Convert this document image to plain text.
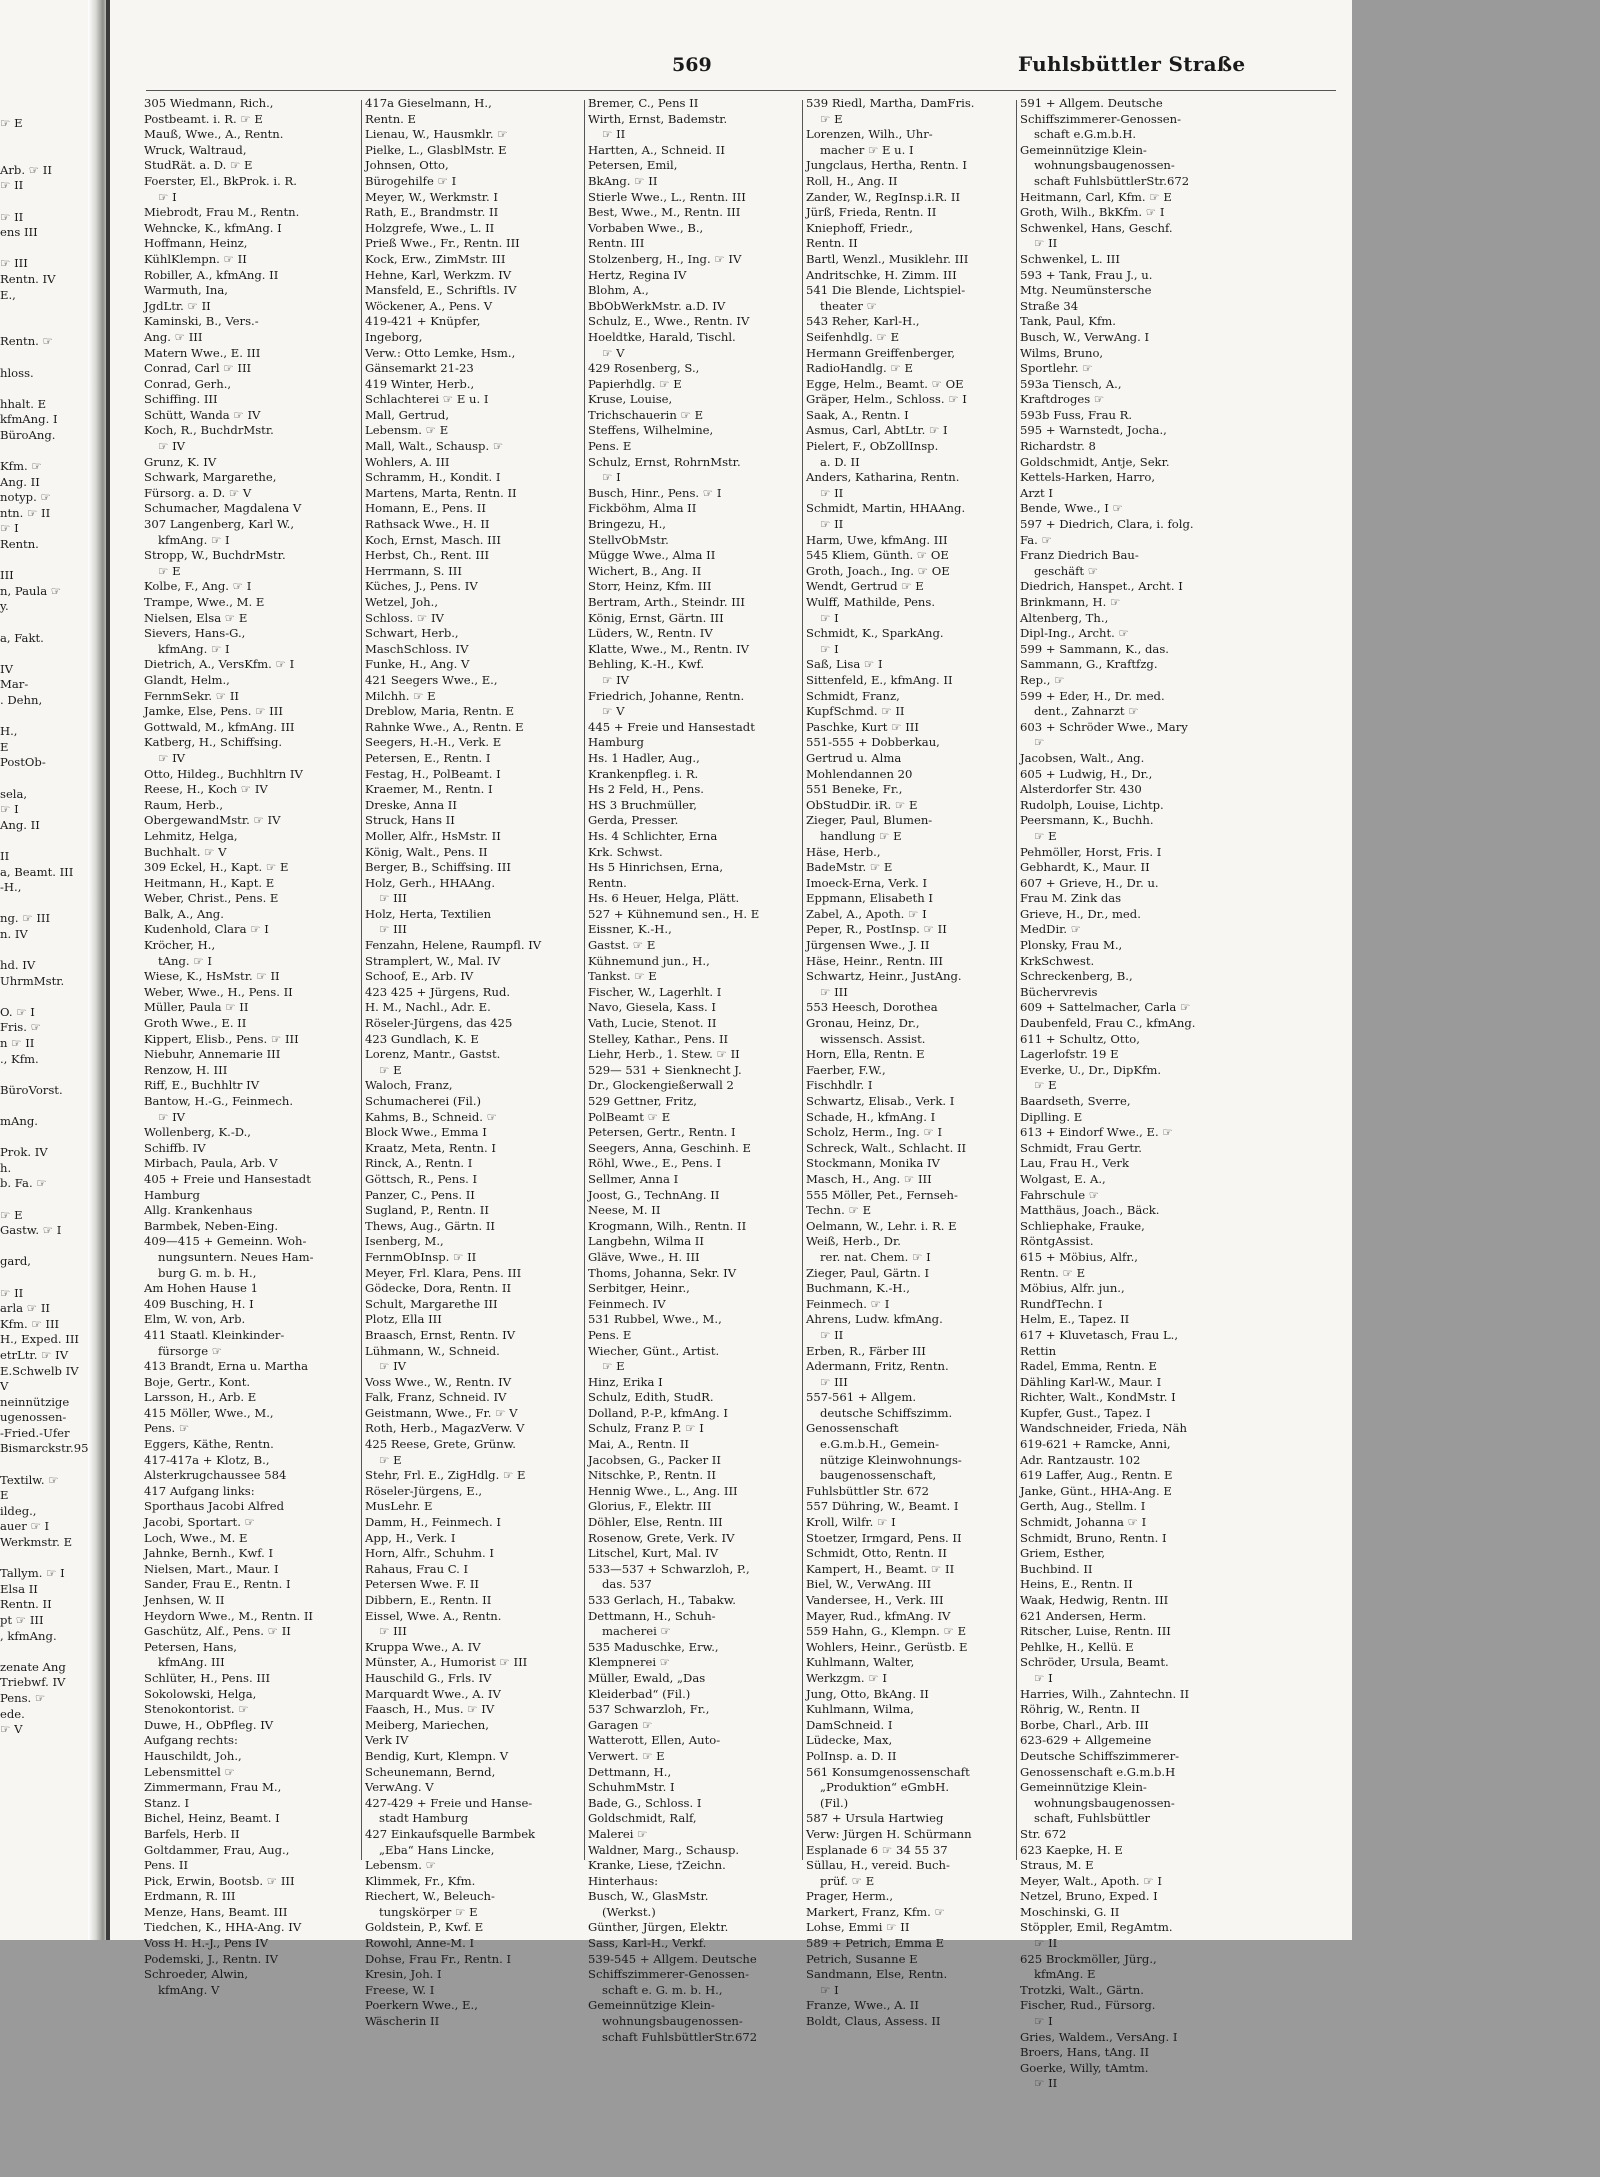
569	Fuhlsbüttler Straße
☞ E
Arb. ☞ II
☞ II
☞ II
ens III
☞ III
Rentn. IV
E.,
Rentn. ☞
hloss.
hhalt. E
kfmAng. I
BüroAng.
Kfm. ☞
Ang. II
notyp. ☞
ntn. ☞ II
☞ I
Rentn.
III
n, Paula ☞
y.
a, Fakt.
IV
Mar-
. Dehn,
H.,
E
PostOb-
sela,
☞ I
Ang. II
II
a, Beamt. III
-H.,
ng. ☞ III
n. IV
hd. IV
UhrmMstr.
O. ☞ I
Fris. ☞
n ☞ II
., Kfm.
BüroVorst.
mAng.
Prok. IV
h.
b. Fa. ☞
☞ E
Gastw. ☞ I
gard,
☞ II
arla ☞ II
Kfm. ☞ III
H., Exped. III
etrLtr. ☞ IV
E.Schwelb IV
V
neinnützige
ugenossen-
-Fried.-Ufer
Bismarckstr.95
Textilw. ☞
E
ildeg.,
auer ☞ I
Werkmstr. E
Tallym. ☞ I
Elsa II
Rentn. II
pt ☞ III
, kfmAng.
zenate Ang
Triebwf. IV
Pens. ☞
ede.
☞ V
305 Wiedmann, Rich.,
Postbeamt. i. R. ☞ E
Mauß, Wwe., A., Rentn.
Wruck, Waltraud,
StudRät. a. D. ☞ E
Foerster, El., BkProk. i. R.
☞ I
Miebrodt, Frau M., Rentn.
Wehncke, K., kfmAng. I
Hoffmann, Heinz,
KühlKlempn. ☞ II
Robiller, A., kfmAng. II
Warmuth, Ina,
JgdLtr. ☞ II
Kaminski, B., Vers.-
Ang. ☞ III
Matern Wwe., E. III
Conrad, Carl ☞ III
Conrad, Gerh.,
Schiffing. III
Schütt, Wanda ☞ IV
Koch, R., BuchdrMstr.
☞ IV
Grunz, K. IV
Schwark, Margarethe,
Fürsorg. a. D. ☞ V
Schumacher, Magdalena V
307 Langenberg, Karl W.,
kfmAng. ☞ I
Stropp, W., BuchdrMstr.
☞ E
Kolbe, F., Ang. ☞ I
Trampe, Wwe., M. E
Nielsen, Elsa ☞ E
Sievers, Hans-G.,
kfmAng. ☞ I
Dietrich, A., VersKfm. ☞ I
Glandt, Helm.,
FernmSekr. ☞ II
Jamke, Else, Pens. ☞ III
Gottwald, M., kfmAng. III
Katberg, H., Schiffsing.
☞ IV
Otto, Hildeg., Buchhltrn IV
Reese, H., Koch ☞ IV
Raum, Herb.,
ObergewandMstr. ☞ IV
Lehmitz, Helga,
Buchhalt. ☞ V
309 Eckel, H., Kapt. ☞ E
Heitmann, H., Kapt. E
Weber, Christ., Pens. E
Balk, A., Ang.
Kudenhold, Clara ☞ I
Kröcher, H.,
tAng. ☞ I
Wiese, K., HsMstr. ☞ II
Weber, Wwe., H., Pens. II
Müller, Paula ☞ II
Groth Wwe., E. II
Kippert, Elisb., Pens. ☞ III
Niebuhr, Annemarie III
Renzow, H. III
Riff, E., Buchhltr IV
Bantow, H.-G., Feinmech.
☞ IV
Wollenberg, K.-D.,
Schiffb. IV
Mirbach, Paula, Arb. V
405 + Freie und Hansestadt
Hamburg
Allg. Krankenhaus
Barmbek, Neben-Eing.
409—415 + Gemeinn. Woh-
nungsuntern. Neues Ham-
burg G. m. b. H.,
Am Hohen Hause 1
409 Busching, H. I
Elm, W. von, Arb.
411 Staatl. Kleinkinder-
fürsorge ☞
413 Brandt, Erna u. Martha
Boje, Gertr., Kont.
Larsson, H., Arb. E
415 Möller, Wwe., M.,
Pens. ☞
Eggers, Käthe, Rentn.
417-417a + Klotz, B.,
Alsterkrugchaussee 584
417 Aufgang links:
Sporthaus Jacobi Alfred
Jacobi, Sportart. ☞
Loch, Wwe., M. E
Jahnke, Bernh., Kwf. I
Nielsen, Mart., Maur. I
Sander, Frau E., Rentn. I
Jenhsen, W. II
Heydorn Wwe., M., Rentn. II
Gaschütz, Alf., Pens. ☞ II
Petersen, Hans,
kfmAng. III
Schlüter, H., Pens. III
Sokolowski, Helga,
Stenokontorist. ☞
Duwe, H., ObPfleg. IV
Aufgang rechts:
Hauschildt, Joh.,
Lebensmittel ☞
Zimmermann, Frau M.,
Stanz. I
Bichel, Heinz, Beamt. I
Barfels, Herb. II
Goltdammer, Frau, Aug.,
Pens. II
Pick, Erwin, Bootsb. ☞ III
Erdmann, R. III
Menze, Hans, Beamt. III
Tiedchen, K., HHA-Ang. IV
Voss H. H.-J., Pens IV
Podemski, J., Rentn. IV
Schroeder, Alwin,
kfmAng. V
417a Gieselmann, H.,
Rentn. E
Lienau, W., Hausmklr. ☞
Pielke, L., GlasblMstr. E
Johnsen, Otto,
Bürogehilfe ☞ I
Meyer, W., Werkmstr. I
Rath, E., Brandmstr. II
Holzgrefe, Wwe., L. II
Prieß Wwe., Fr., Rentn. III
Kock, Erw., ZimMstr. III
Hehne, Karl, Werkzm. IV
Mansfeld, E., Schriftls. IV
Wöckener, A., Pens. V
419-421 + Knüpfer,
Ingeborg,
Verw.: Otto Lemke, Hsm.,
Gänsemarkt 21-23
419 Winter, Herb.,
Schlachterei ☞ E u. I
Mall, Gertrud,
Lebensm. ☞ E
Mall, Walt., Schausp. ☞
Wohlers, A. III
Schramm, H., Kondit. I
Martens, Marta, Rentn. II
Homann, E., Pens. II
Rathsack Wwe., H. II
Koch, Ernst, Masch. III
Herbst, Ch., Rent. III
Herrmann, S. III
Küches, J., Pens. IV
Wetzel, Joh.,
Schloss. ☞ IV
Schwart, Herb.,
MaschSchloss. IV
Funke, H., Ang. V
421 Seegers Wwe., E.,
Milchh. ☞ E
Dreblow, Maria, Rentn. E
Rahnke Wwe., A., Rentn. E
Seegers, H.-H., Verk. E
Petersen, E., Rentn. I
Festag, H., PolBeamt. I
Kraemer, M., Rentn. I
Dreske, Anna II
Struck, Hans II
Moller, Alfr., HsMstr. II
König, Walt., Pens. II
Berger, B., Schiffsing. III
Holz, Gerh., HHAAng.
☞ III
Holz, Herta, Textilien
☞ III
Fenzahn, Helene, Raumpfl. IV
Stramplert, W., Mal. IV
Schoof, E., Arb. IV
423 425 + Jürgens, Rud.
H. M., Nachl., Adr. E.
Röseler-Jürgens, das 425
423 Gundlach, K. E
Lorenz, Mantr., Gastst.
☞ E
Waloch, Franz,
Schumacherei (Fil.)
Kahms, B., Schneid. ☞
Block Wwe., Emma I
Kraatz, Meta, Rentn. I
Rinck, A., Rentn. I
Göttsch, R., Pens. I
Panzer, C., Pens. II
Sugland, P., Rentn. II
Thews, Aug., Gärtn. II
Isenberg, M.,
FernmObInsp. ☞ II
Meyer, Frl. Klara, Pens. III
Gödecke, Dora, Rentn. II
Schult, Margarethe III
Plotz, Ella III
Braasch, Ernst, Rentn. IV
Lühmann, W., Schneid.
☞ IV
Voss Wwe., W., Rentn. IV
Falk, Franz, Schneid. IV
Geistmann, Wwe., Fr. ☞ V
Roth, Herb., MagazVerw. V
425 Reese, Grete, Grünw.
☞ E
Stehr, Frl. E., ZigHdlg. ☞ E
Röseler-Jürgens, E.,
MusLehr. E
Damm, H., Feinmech. I
App, H., Verk. I
Horn, Alfr., Schuhm. I
Rahaus, Frau C. I
Petersen Wwe. F. II
Dibbern, E., Rentn. II
Eissel, Wwe. A., Rentn.
☞ III
Kruppa Wwe., A. IV
Münster, A., Humorist ☞ III
Hauschild G., Frls. IV
Marquardt Wwe., A. IV
Faasch, H., Mus. ☞ IV
Meiberg, Mariechen,
Verk IV
Bendig, Kurt, Klempn. V
Scheunemann, Bernd,
VerwAng. V
427-429 + Freie und Hanse-
stadt Hamburg
427 Einkaufsquelle Barmbek
„Eba“ Hans Lincke,
Lebensm. ☞
Klimmek, Fr., Kfm.
Riechert, W., Beleuch-
tungskörper ☞ E
Goldstein, P., Kwf. E
Rowohl, Anne-M. I
Dohse, Frau Fr., Rentn. I
Kresin, Joh. I
Freese, W. I
Poerkern Wwe., E.,
Wäscherin II
Bremer, C., Pens II
Wirth, Ernst, Bademstr.
☞ II
Hartten, A., Schneid. II
Petersen, Emil,
BkAng. ☞ II
Stierle Wwe., L., Rentn. III
Best, Wwe., M., Rentn. III
Vorbaben Wwe., B.,
Rentn. III
Stolzenberg, H., Ing. ☞ IV
Hertz, Regina IV
Blohm, A.,
BbObWerkMstr. a.D. IV
Schulz, E., Wwe., Rentn. IV
Hoeldtke, Harald, Tischl.
☞ V
429 Rosenberg, S.,
Papierhdlg. ☞ E
Kruse, Louise,
Trichschauerin ☞ E
Steffens, Wilhelmine,
Pens. E
Schulz, Ernst, RohrnMstr.
☞ I
Busch, Hinr., Pens. ☞ I
Fickböhm, Alma II
Bringezu, H.,
StellvObMstr.
Mügge Wwe., Alma II
Wichert, B., Ang. II
Storr, Heinz, Kfm. III
Bertram, Arth., Steindr. III
König, Ernst, Gärtn. III
Lüders, W., Rentn. IV
Klatte, Wwe., M., Rentn. IV
Behling, K.-H., Kwf.
☞ IV
Friedrich, Johanne, Rentn.
☞ V
445 + Freie und Hansestadt
Hamburg
Hs. 1 Hadler, Aug.,
Krankenpfleg. i. R.
Hs 2 Feld, H., Pens.
HS 3 Bruchmüller,
Gerda, Presser.
Hs. 4 Schlichter, Erna
Krk. Schwst.
Hs 5 Hinrichsen, Erna,
Rentn.
Hs. 6 Heuer, Helga, Plätt.
527 + Kühnemund sen., H. E
Eissner, K.-H.,
Gastst. ☞ E
Kühnemund jun., H.,
Tankst. ☞ E
Fischer, W., Lagerhlt. I
Navo, Giesela, Kass. I
Vath, Lucie, Stenot. II
Stelley, Kathar., Pens. II
Liehr, Herb., 1. Stew. ☞ II
529— 531 + Sienknecht J.
Dr., Glockengießerwall 2
529 Gettner, Fritz,
PolBeamt ☞ E
Petersen, Gertr., Rentn. I
Seegers, Anna, Geschinh. E
Röhl, Wwe., E., Pens. I
Sellmer, Anna I
Joost, G., TechnAng. II
Neese, M. II
Krogmann, Wilh., Rentn. II
Langbehn, Wilma II
Gläve, Wwe., H. III
Thoms, Johanna, Sekr. IV
Serbitger, Heinr.,
Feinmech. IV
531 Rubbel, Wwe., M.,
Pens. E
Wiecher, Günt., Artist.
☞ E
Hinz, Erika I
Schulz, Edith, StudR.
Dolland, P.-P., kfmAng. I
Schulz, Franz P. ☞ I
Mai, A., Rentn. II
Jacobsen, G., Packer II
Nitschke, P., Rentn. II
Hennig Wwe., L., Ang. III
Glorius, F., Elektr. III
Döhler, Else, Rentn. III
Rosenow, Grete, Verk. IV
Litschel, Kurt, Mal. IV
533—537 + Schwarzloh, P.,
das. 537
533 Gerlach, H., Tabakw.
Dettmann, H., Schuh-
macherei ☞
535 Maduschke, Erw.,
Klempnerei ☞
Müller, Ewald, „Das
Kleiderbad“ (Fil.)
537 Schwarzloh, Fr.,
Garagen ☞
Watterott, Ellen, Auto-
Verwert. ☞ E
Dettmann, H.,
SchuhmMstr. I
Bade, G., Schloss. I
Goldschmidt, Ralf,
Malerei ☞
Waldner, Marg., Schausp.
Kranke, Liese, †Zeichn.
Hinterhaus:
Busch, W., GlasMstr.
(Werkst.)
Günther, Jürgen, Elektr.
Sass, Karl-H., Verkf.
539-545 + Allgem. Deutsche
Schiffszimmerer-Genossen-
schaft e. G. m. b. H.,
Gemeinnützige Klein-
wohnungsbaugenossen-
schaft FuhlsbüttlerStr.672
539 Riedl, Martha, DamFris.
☞ E
Lorenzen, Wilh., Uhr-
macher ☞ E u. I
Jungclaus, Hertha, Rentn. I
Roll, H., Ang. II
Zander, W., RegInsp.i.R. II
Jürß, Frieda, Rentn. II
Kniephoff, Friedr.,
Rentn. II
Bartl, Wenzl., Musiklehr. III
Andritschke, H. Zimm. III
541 Die Blende, Lichtspiel-
theater ☞
543 Reher, Karl-H.,
Seifenhdlg. ☞ E
Hermann Greiffenberger,
RadioHandlg. ☞ E
Egge, Helm., Beamt. ☞ OE
Gräper, Helm., Schloss. ☞ I
Saak, A., Rentn. I
Asmus, Carl, AbtLtr. ☞ I
Pielert, F., ObZollInsp.
a. D. II
Anders, Katharina, Rentn.
☞ II
Schmidt, Martin, HHAAng.
☞ II
Harm, Uwe, kfmAng. III
545 Kliem, Günth. ☞ OE
Groth, Joach., Ing. ☞ OE
Wendt, Gertrud ☞ E
Wulff, Mathilde, Pens.
☞ I
Schmidt, K., SparkAng.
☞ I
Saß, Lisa ☞ I
Sittenfeld, E., kfmAng. II
Schmidt, Franz,
KupfSchmd. ☞ II
Paschke, Kurt ☞ III
551-555 + Dobberkau,
Gertrud u. Alma
Mohlendannen 20
551 Beneke, Fr.,
ObStudDir. iR. ☞ E
Zieger, Paul, Blumen-
handlung ☞ E
Häse, Herb.,
BadeMstr. ☞ E
Imoeck-Erna, Verk. I
Eppmann, Elisabeth I
Zabel, A., Apoth. ☞ I
Peper, R., PostInsp. ☞ II
Jürgensen Wwe., J. II
Häse, Heinr., Rentn. III
Schwartz, Heinr., JustAng.
☞ III
553 Heesch, Dorothea
Gronau, Heinz, Dr.,
wissensch. Assist.
Horn, Ella, Rentn. E
Faerber, F.W.,
Fischhdlr. I
Schwartz, Elisab., Verk. I
Schade, H., kfmAng. I
Scholz, Herm., Ing. ☞ I
Schreck, Walt., Schlacht. II
Stockmann, Monika IV
Masch, H., Ang. ☞ III
555 Möller, Pet., Fernseh-
Techn. ☞ E
Oelmann, W., Lehr. i. R. E
Weiß, Herb., Dr.
rer. nat. Chem. ☞ I
Zieger, Paul, Gärtn. I
Buchmann, K.-H.,
Feinmech. ☞ I
Ahrens, Ludw. kfmAng.
☞ II
Erben, R., Färber III
Adermann, Fritz, Rentn.
☞ III
557-561 + Allgem.
deutsche Schiffszimm.
Genossenschaft
e.G.m.b.H., Gemein-
nützige Kleinwohnungs-
baugenossenschaft,
Fuhlsbüttler Str. 672
557 Dühring, W., Beamt. I
Kroll, Wilfr. ☞ I
Stoetzer, Irmgard, Pens. II
Schmidt, Otto, Rentn. II
Kampert, H., Beamt. ☞ II
Biel, W., VerwAng. III
Vandersee, H., Verk. III
Mayer, Rud., kfmAng. IV
559 Hahn, G., Klempn. ☞ E
Wohlers, Heinr., Gerüstb. E
Kuhlmann, Walter,
Werkzgm. ☞ I
Jung, Otto, BkAng. II
Kuhlmann, Wilma,
DamSchneid. I
Lüdecke, Max,
PolInsp. a. D. II
561 Konsumgenossenschaft
„Produktion“ eGmbH.
(Fil.)
587 + Ursula Hartwieg
Verw: Jürgen H. Schürmann
Esplanade 6 ☞ 34 55 37
Süllau, H., vereid. Buch-
prüf. ☞ E
Prager, Herm.,
Markert, Franz, Kfm. ☞
Lohse, Emmi ☞ II
589 + Petrich, Emma E
Petrich, Susanne E
Sandmann, Else, Rentn.
☞ I
Franze, Wwe., A. II
Boldt, Claus, Assess. II
591 + Allgem. Deutsche
Schiffszimmerer-Genossen-
schaft e.G.m.b.H.
Gemeinnützige Klein-
wohnungsbaugenossen-
schaft FuhlsbüttlerStr.672
Heitmann, Carl, Kfm. ☞ E
Groth, Wilh., BkKfm. ☞ I
Schwenkel, Hans, Geschf.
☞ II
Schwenkel, L. III
593 + Tank, Frau J., u.
Mtg. Neumünstersche
Straße 34
Tank, Paul, Kfm.
Busch, W., VerwAng. I
Wilms, Bruno,
Sportlehr. ☞
593a Tiensch, A.,
Kraftdroges ☞
593b Fuss, Frau R.
595 + Warnstedt, Jocha.,
Richardstr. 8
Goldschmidt, Antje, Sekr.
Kettels-Harken, Harro,
Arzt I
Bende, Wwe., I ☞
597 + Diedrich, Clara, i. folg.
Fa. ☞
Franz Diedrich Bau-
geschäft ☞
Diedrich, Hanspet., Archt. I
Brinkmann, H. ☞
Altenberg, Th.,
Dipl-Ing., Archt. ☞
599 + Sammann, K., das.
Sammann, G., Kraftfzg.
Rep., ☞
599 + Eder, H., Dr. med.
dent., Zahnarzt ☞
603 + Schröder Wwe., Mary
☞
Jacobsen, Walt., Ang.
605 + Ludwig, H., Dr.,
Alsterdorfer Str. 430
Rudolph, Louise, Lichtp.
Peersmann, K., Buchh.
☞ E
Pehmöller, Horst, Fris. I
Gebhardt, K., Maur. II
607 + Grieve, H., Dr. u.
Frau M. Zink das
Grieve, H., Dr., med.
MedDir. ☞
Plonsky, Frau M.,
KrkSchwest.
Schreckenberg, B.,
Büchervrevis
609 + Sattelmacher, Carla ☞
Daubenfeld, Frau C., kfmAng.
611 + Schultz, Otto,
Lagerlofstr. 19 E
Everke, U., Dr., DipKfm.
☞ E
Baardseth, Sverre,
Diplling. E
613 + Eindorf Wwe., E. ☞
Schmidt, Frau Gertr.
Lau, Frau H., Verk
Wolgast, E. A.,
Fahrschule ☞
Matthäus, Joach., Bäck.
Schliephake, Frauke,
RöntgAssist.
615 + Möbius, Alfr.,
Rentn. ☞ E
Möbius, Alfr. jun.,
RundfTechn. I
Helm, E., Tapez. II
617 + Kluvetasch, Frau L.,
Rettin
Radel, Emma, Rentn. E
Dähling Karl-W., Maur. I
Richter, Walt., KondMstr. I
Kupfer, Gust., Tapez. I
Wandschneider, Frieda, Näh
619-621 + Ramcke, Anni,
Adr. Rantzaustr. 102
619 Laffer, Aug., Rentn. E
Janke, Günt., HHA-Ang. E
Gerth, Aug., Stellm. I
Schmidt, Johanna ☞ I
Schmidt, Bruno, Rentn. I
Griem, Esther,
Buchbind. II
Heins, E., Rentn. II
Waak, Hedwig, Rentn. III
621 Andersen, Herm.
Ritscher, Luise, Rentn. III
Pehlke, H., Kellü. E
Schröder, Ursula, Beamt.
☞ I
Harries, Wilh., Zahntechn. II
Röhrig, W., Rentn. II
Borbe, Charl., Arb. III
623-629 + Allgemeine
Deutsche Schiffszimmerer-
Genossenschaft e.G.m.b.H
Gemeinnützige Klein-
wohnungsbaugenossen-
schaft, Fuhlsbüttler
Str. 672
623 Kaepke, H. E
Straus, M. E
Meyer, Walt., Apoth. ☞ I
Netzel, Bruno, Exped. I
Moschinski, G. II
Stöppler, Emil, RegAmtm.
☞ II
625 Brockmöller, Jürg.,
kfmAng. E
Trotzki, Walt., Gärtn.
Fischer, Rud., Fürsorg.
☞ I
Gries, Waldem., VersAng. I
Broers, Hans, tAng. II
Goerke, Willy, tAmtm.
☞ II
